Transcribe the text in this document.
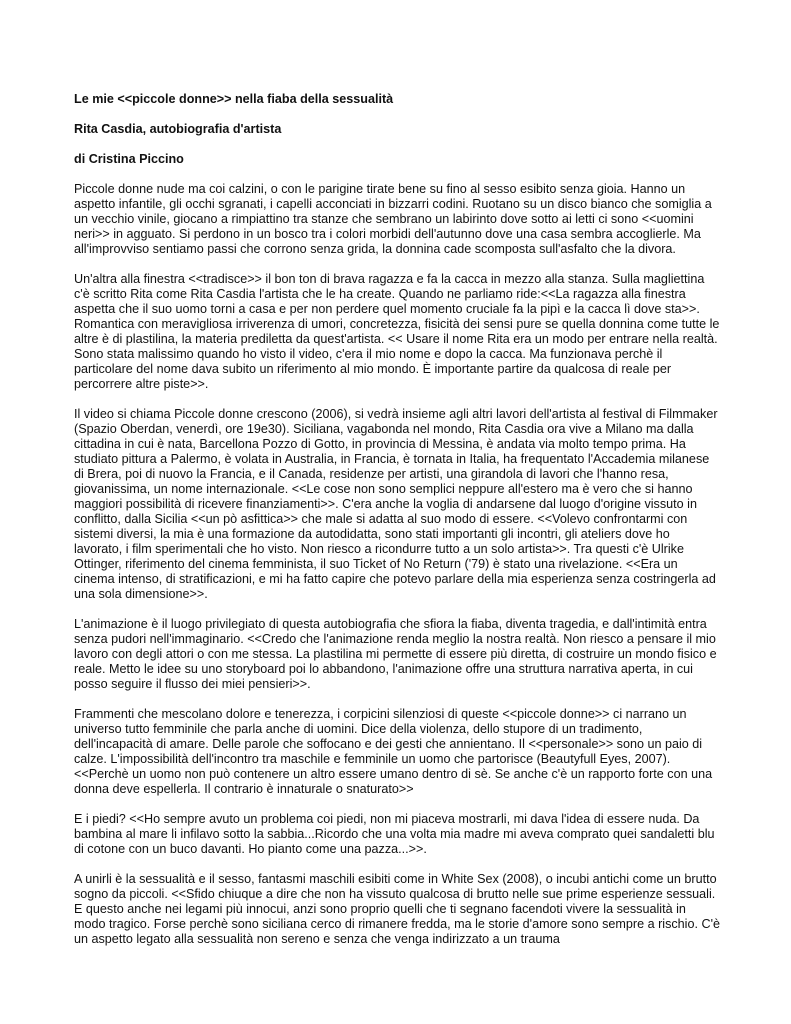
Le mie <<piccole donne>> nella fiaba della sessualità
Rita Casdia, autobiografia d'artista
di Cristina Piccino
Piccole donne nude ma coi calzini, o con le parigine tirate bene su fino al sesso esibito senza gioia. Hanno un aspetto infantile, gli occhi sgranati, i capelli acconciati in bizzarri codini. Ruotano su un disco bianco che somiglia a un vecchio vinile, giocano a rimpiattino tra stanze che sembrano un labirinto dove sotto ai letti ci sono <<uomini neri>> in agguato. Si perdono in un bosco tra i colori morbidi dell'autunno dove una casa sembra accoglierle. Ma all'improvviso sentiamo passi che corrono senza grida, la donnina cade scomposta sull'asfalto che la divora.
Un'altra alla finestra <<tradisce>> il bon ton di brava ragazza e fa la cacca in mezzo alla stanza. Sulla magliettina c'è scritto Rita come Rita Casdia l'artista che le ha create. Quando ne parliamo ride:<<La ragazza alla finestra aspetta che il suo uomo torni a casa e per non perdere quel momento cruciale fa la pipì e la cacca lì dove sta>>. Romantica con meravigliosa irriverenza di umori, concretezza, fisicità dei sensi pure se quella donnina come tutte le altre è di plastilina, la materia prediletta da quest'artista. << Usare il nome Rita era un modo per entrare nella realtà. Sono stata malissimo quando ho visto il video, c'era il mio nome e dopo la cacca. Ma funzionava perchè il particolare del nome dava subito un riferimento al mio mondo. È importante partire da qualcosa di reale per percorrere altre piste>>.
Il video si chiama Piccole donne crescono (2006), si vedrà insieme agli altri lavori dell'artista al festival di Filmmaker (Spazio Oberdan, venerdì, ore 19e30). Siciliana, vagabonda nel mondo, Rita Casdia ora vive a Milano ma dalla cittadina in cui è nata, Barcellona Pozzo di Gotto, in provincia di Messina, è andata via molto tempo prima. Ha studiato pittura a Palermo, è volata in Australia, in Francia, è tornata in Italia, ha frequentato l'Accademia milanese di Brera, poi di nuovo la Francia, e il Canada, residenze per artisti, una girandola di lavori che l'hanno resa, giovanissima, un nome internazionale. <<Le cose non sono semplici neppure all'estero ma è vero che si hanno maggiori possibilità di ricevere finanziamenti>>. C'era anche la voglia di andarsene dal luogo d'origine vissuto in conflitto, dalla Sicilia <<un pò asfittica>> che male si adatta al suo modo di essere. <<Volevo confrontarmi con sistemi diversi, la mia è una formazione da autodidatta, sono stati importanti gli incontri, gli ateliers dove ho lavorato, i film sperimentali che ho visto. Non riesco a ricondurre tutto a un solo artista>>. Tra questi c'è Ulrike Ottinger, riferimento del cinema femminista, il suo Ticket of No Return ('79) è stato una rivelazione. <<Era un cinema intenso, di stratificazioni, e mi ha fatto capire che potevo parlare della mia esperienza senza costringerla ad una sola dimensione>>.
L'animazione è il luogo privilegiato di questa autobiografia che sfiora la fiaba, diventa tragedia, e dall'intimità entra senza pudori nell'immaginario. <<Credo che l'animazione renda meglio la nostra realtà. Non riesco a pensare il mio lavoro con degli attori o con me stessa. La plastilina mi permette di essere più diretta, di costruire un mondo fisico e reale. Metto le idee su uno storyboard poi lo abbandono, l'animazione offre una struttura narrativa aperta, in cui posso seguire il flusso dei miei pensieri>>.
Frammenti che mescolano dolore e tenerezza, i corpicini silenziosi di queste <<piccole donne>> ci narrano un universo tutto femminile che parla anche di uomini. Dice della violenza, dello stupore di un tradimento, dell'incapacità di amare. Delle parole che soffocano e dei gesti che annientano. Il <<personale>> sono un paio di calze. L'impossibilità dell'incontro tra maschile e femminile un uomo che partorisce (Beautyfull Eyes, 2007). <<Perchè un uomo non può contenere un altro essere umano dentro di sè. Se anche c'è un rapporto forte con una donna deve espellerla. Il contrario è innaturale o snaturato>>
E i piedi? <<Ho sempre avuto un problema coi piedi, non mi piaceva mostrarli, mi dava l'idea di essere nuda. Da bambina al mare li infilavo sotto la sabbia...Ricordo che una volta mia madre mi aveva comprato quei sandaletti blu di cotone con un buco davanti. Ho pianto come una pazza...>>.
A unirli è la sessualità e il sesso, fantasmi maschili esibiti come in White Sex (2008), o incubi antichi come un brutto sogno da piccoli. <<Sfido chiuque a dire che non ha vissuto qualcosa di brutto nelle sue prime esperienze sessuali. E questo anche nei legami più innocui, anzi sono proprio quelli che ti segnano facendoti vivere la sessualità in modo tragico. Forse perchè sono siciliana cerco di rimanere fredda, ma le storie d'amore sono sempre a rischio. C'è un aspetto legato alla sessualità non sereno e senza che venga indirizzato a un trauma
